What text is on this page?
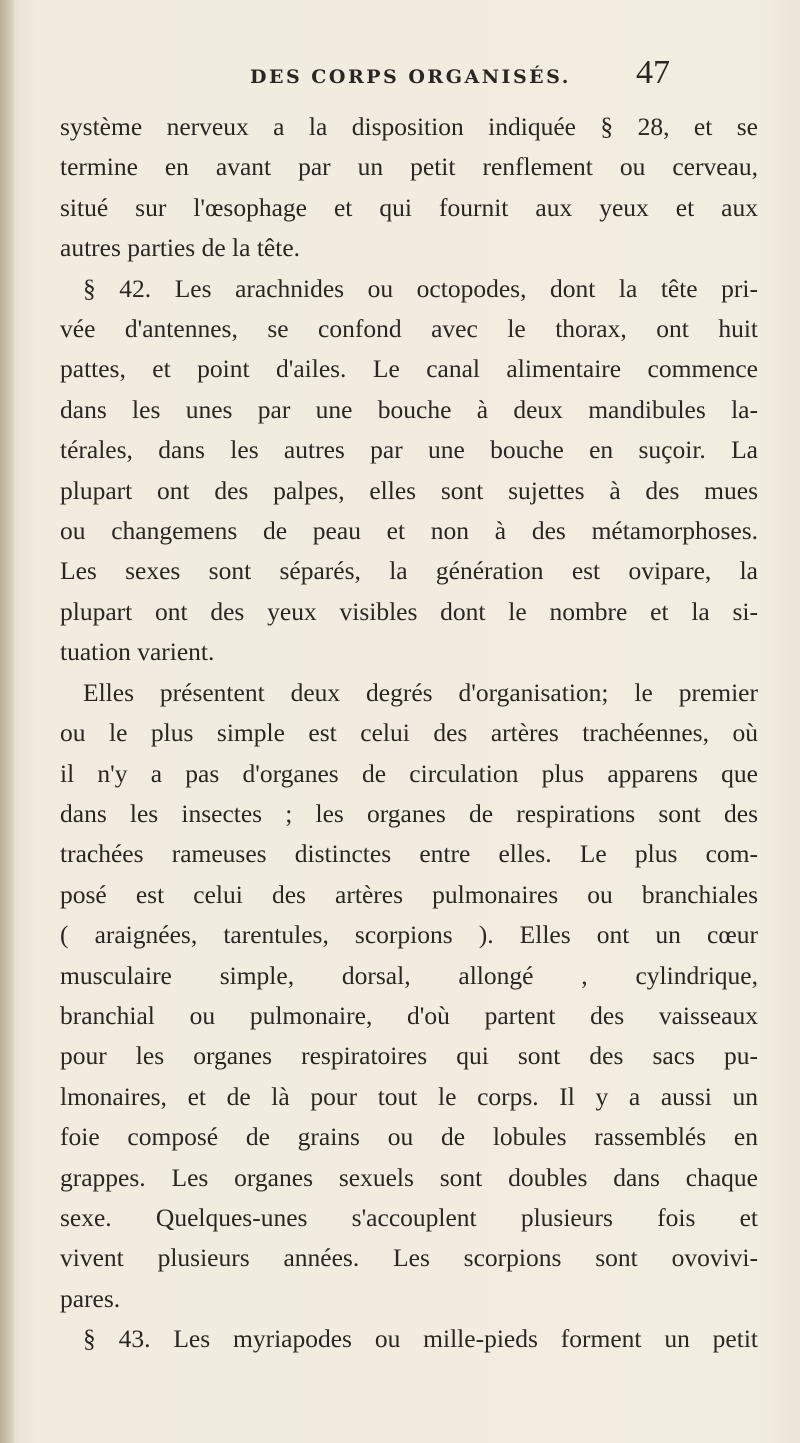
DES CORPS ORGANISÉS. 47

système nerveux a la disposition indiquée § 28, et se

termine en avant par un petit renflement ou cerveau,

situé sur l'œsophage et qui fournit aux yeux et aux

autres parties de la tête.

§ 42. Les arachnides ou octopodes, dont la tête pri-

vée d'antennes, se confond avec le thorax, ont huit

pattes, et point d'ailes. Le canal alimentaire commence

dans les unes par une bouche à deux mandibules la-

térales, dans les autres par une bouche en suçoir. La

plupart ont des palpes, elles sont sujettes à des mues

ou changemens de peau et non à des métamorphoses.

Les sexes sont séparés, la génération est ovipare, la

plupart ont des yeux visibles dont le nombre et la si-

tuation varient.

Elles présentent deux degrés d'organisation; le premier

ou le plus simple est celui des artères trachéennes, où

il n'y a pas d'organes de circulation plus apparens que

dans les insectes ; les organes de respirations sont des

trachées rameuses distinctes entre elles. Le plus com-

posé est celui des artères pulmonaires ou branchiales

( araignées, tarentules, scorpions ). Elles ont un cœur

musculaire simple, dorsal, allongé , cylindrique,

branchial ou pulmonaire, d'où partent des vaisseaux

pour les organes respiratoires qui sont des sacs pu-

lmonaires, et de là pour tout le corps. Il y a aussi un

foie composé de grains ou de lobules rassemblés en

grappes. Les organes sexuels sont doubles dans chaque

sexe. Quelques-unes s'accouplent plusieurs fois et

vivent plusieurs années. Les scorpions sont ovovivi-

pares.

§ 43. Les myriapodes ou mille-pieds forment un petit
